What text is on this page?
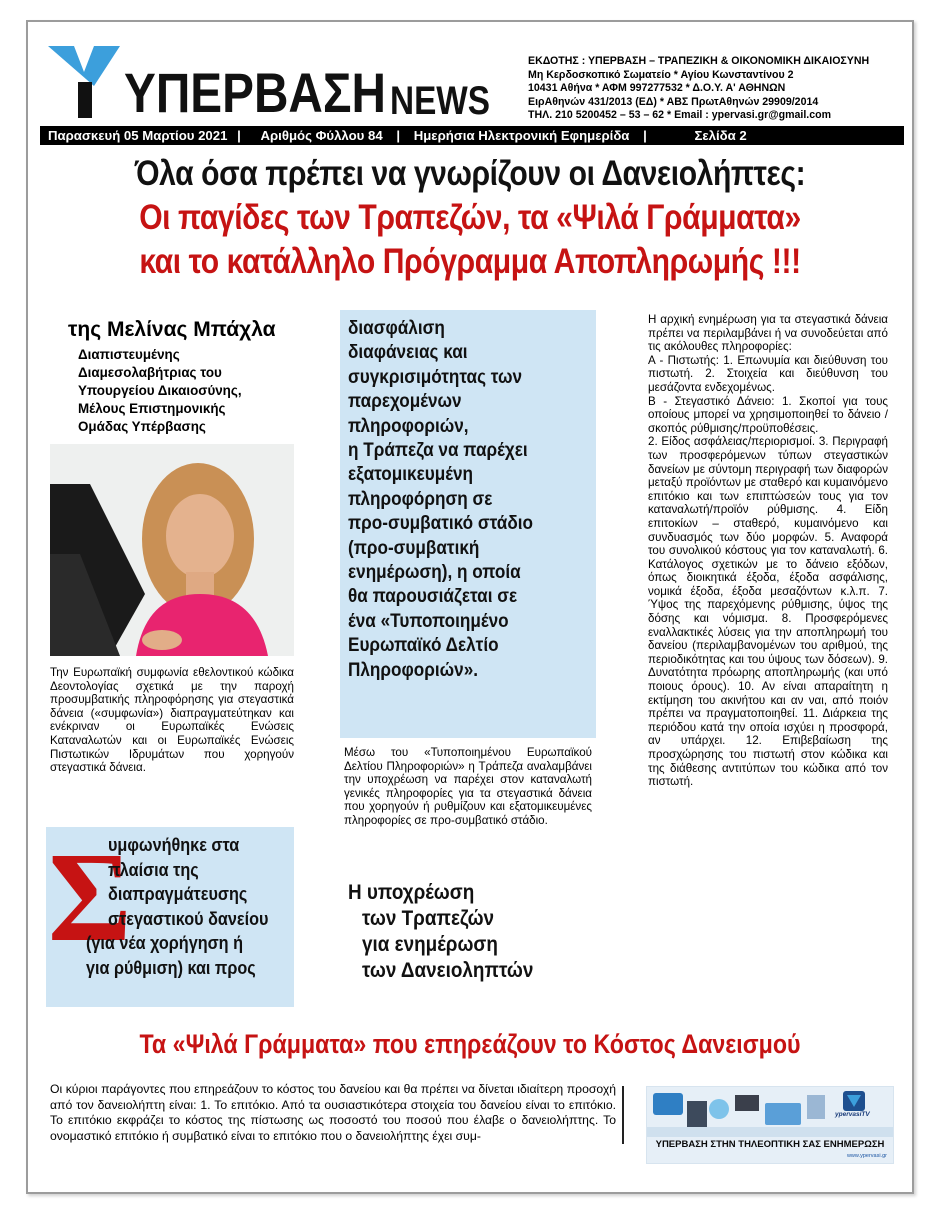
ΥΠΕΡΒΑΣΗ NEWS
ΕΚΔΟΤΗΣ : ΥΠΕΡΒΑΣΗ – ΤΡΑΠΕΖΙΚΗ & ΟΙΚΟΝΟΜΙΚΗ ΔΙΚΑΙΟΣΥΝΗ
Μη Κερδοσκοπικό Σωματείο * Αγίου Κωνσταντίνου 2
10431 Αθήνα * ΑΦΜ 997277532 * Δ.Ο.Υ. Α' ΑΘΗΝΩΝ
ΕιρΑθηνών 431/2013 (ΕΔ) * ΑΒΣ ΠρωτΑθηνών 29909/2014
ΤΗΛ. 210 5200452 – 53 – 62 * Email : ypervasi.gr@gmail.com
Παρασκευή 05 Μαρτίου 2021 | Αριθμός Φύλλου 84 | Ημερήσια Ηλεκτρονική Εφημερίδα |	Σελίδα 2
Όλα όσα πρέπει να γνωρίζουν οι Δανειολήπτες:
Οι παγίδες των Τραπεζών, τα «Ψιλά Γράμματα»
και το κατάλληλο Πρόγραμμα Αποπληρωμής !!!
της Μελίνας Μπάχλα
Διαπιστευμένης
Διαμεσολαβήτριας του
Υπουργείου Δικαιοσύνης,
Μέλους Επιστημονικής
Ομάδας Υπέρβασης
Την Ευρωπαϊκή συμφωνία εθελοντικού κώδικα Δεοντολογίας σχετικά με την παροχή προσυμβατικής πληροφόρησης για στεγαστικά δάνεια («συμφωνία») διαπραγματεύτηκαν και ενέκριναν οι Ευρωπαϊκές Ενώσεις Καταναλωτών και οι Ευρωπαϊκές Ενώσεις Πιστωτικών Ιδρυμάτων που χορηγούν στεγαστικά δάνεια.
Σ
υμφωνήθηκε στα
πλαίσια της
διαπραγμάτευσης
στεγαστικού δανείου
(για νέα χορήγηση ή
για ρύθμιση) και προς
διασφάλιση
διαφάνειας και
συγκρισιμότητας των
παρεχομένων
πληροφοριών,
η Τράπεζα να παρέχει
εξατομικευμένη
πληροφόρηση σε
προ-συμβατικό στάδιο
(προ-συμβατική
ενημέρωση), η οποία
θα παρουσιάζεται σε
ένα «Τυποποιημένο
Ευρωπαϊκό Δελτίο
Πληροφοριών».
Μέσω του «Τυποποιημένου Ευρωπαϊκού Δελτίου Πληροφοριών» η Τράπεζα αναλαμβάνει την υποχρέωση να παρέχει στον καταναλωτή γενικές πληροφορίες για τα στεγαστικά δάνεια που χορηγούν ή ρυθμίζουν και εξατομικευμένες πληροφορίες σε προ-συμβατικό στάδιο.
Η υποχρέωση
των Τραπεζών
για ενημέρωση
των Δανειοληπτών

Η αρχική ενημέρωση για τα στεγαστικά δάνεια πρέπει να περιλαμβάνει ή να συνοδεύεται από τις ακόλουθες πληροφορίες:

Α - Πιστωτής: 1. Επωνυμία και διεύθυνση του πιστωτή. 2. Στοιχεία και διεύθυνση του μεσάζοντα ενδεχομένως.

Β - Στεγαστικό Δάνειο: 1. Σκοποί για τους οποίους μπορεί να χρησιμοποιηθεί το δάνειο /σκοπός ρύθμισης/προϋποθέσεις.

2. Είδος ασφάλειας/περιορισμοί. 3. Περιγραφή των προσφερόμενων τύπων στεγαστικών δανείων με σύντομη περιγραφή των διαφορών μεταξύ προϊόντων με σταθερό και κυμαινόμενο επιτόκιο και των επιπτώσεών τους για τον καταναλωτή/προϊόν ρύθμισης. 4. Είδη επιτοκίων – σταθερό, κυμαινόμενο και συνδυασμός των δύο μορφών. 5. Αναφορά του συνολικού κόστους για τον καταναλωτή. 6. Κατάλογος σχετικών με το δάνειο εξόδων, όπως διοικητικά έξοδα, έξοδα ασφάλισης, νομικά έξοδα, έξοδα μεσαζόντων κ.λ.π. 7. Ύψος της παρεχόμενης ρύθμισης, ύψος της δόσης και νόμισμα. 8. Προσφερόμενες εναλλακτικές λύσεις για την αποπληρωμή του δανείου (περιλαμβανομένων του αριθμού, της περιοδικότητας και του ύψους των δόσεων). 9. Δυνατότητα πρόωρης αποπληρωμής (και υπό ποιους όρους). 10. Αν είναι απαραίτητη η εκτίμηση του ακινήτου και αν ναι, από ποιόν πρέπει να πραγματοποιηθεί. 11. Διάρκεια της περιόδου κατά την οποία ισχύει η προσφορά, αν υπάρχει. 12. Επιβεβαίωση της προσχώρησης του πιστωτή στον κώδικα και της διάθεσης αντιτύπων του κώδικα από τον πιστωτή.

Τα «Ψιλά Γράμματα» που επηρεάζουν το Κόστος Δανεισμού
Οι κύριοι παράγοντες που επηρεάζουν το κόστος του δανείου και θα πρέπει να δίνεται ιδιαίτερη προσοχή από τον δανειολήπτη είναι: 1. Το επιτόκιο. Από τα ουσιαστικότερα στοιχεία του δανείου είναι το επιτόκιο. Το επιτόκιο εκφράζει το κόστος της πίστωσης ως ποσοστό του ποσού που έλαβε ο δανειολήπτης. Το ονομαστικό επιτόκιο ή συμβατικό είναι το επιτόκιο που ο δανειολήπτης έχει συμ-
ypervasiTV
ΥΠΕΡΒΑΣΗ ΣΤΗΝ ΤΗΛΕΟΠΤΙΚΗ ΣΑΣ ΕΝΗΜΕΡΩΣΗ
www.ypervasi.gr
